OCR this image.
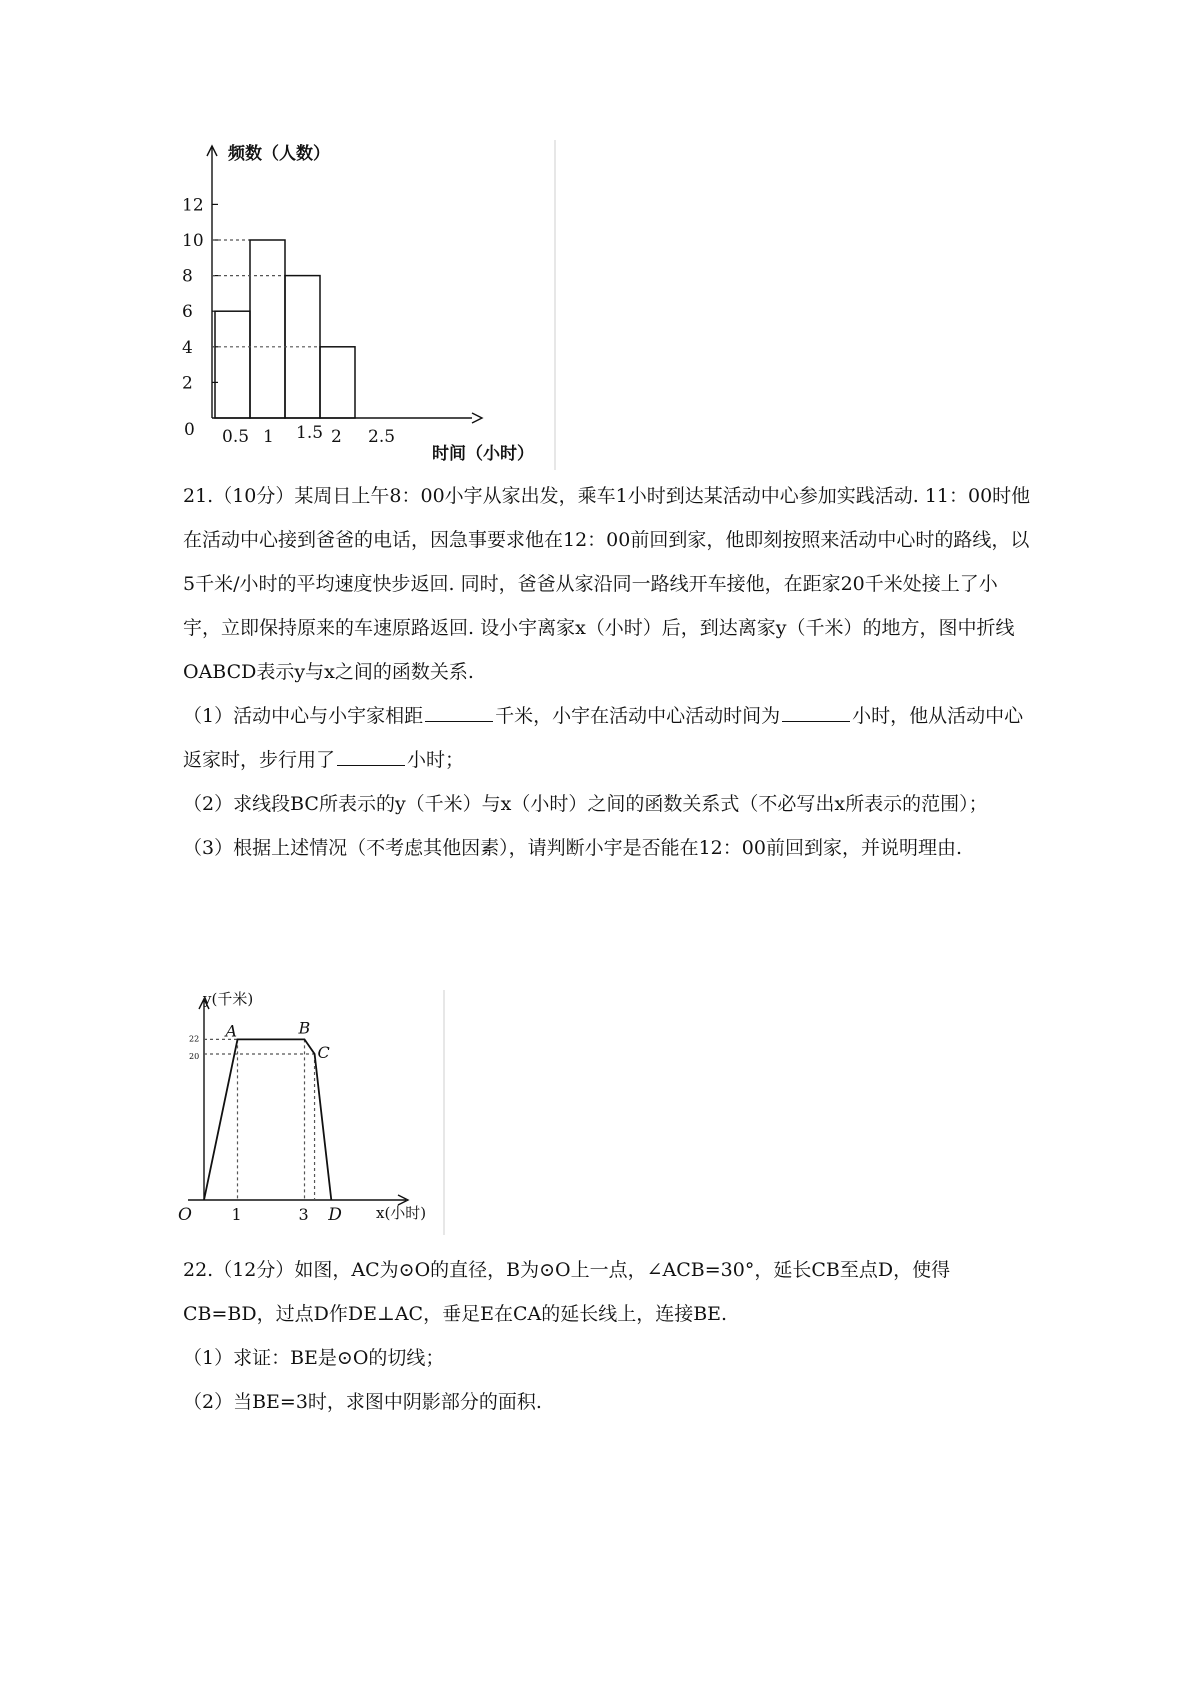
0
2
4
6
8
10
12
0.5 1 1.5 2 2.5
频数（人数）
时间（小时）

21.（10分）某周日上午8：00小宇从家出发，乘车1小时到达某活动中心参加实践活动. 11：00时他在活动中心接到爸爸的电话，因急事要求他在12：00前回到家，他即刻按照来活动中心时的路线，以5千米/小时的平均速度快步返回. 同时，爸爸从家沿同一路线开车接他，在距家20千米处接上了小宇，立即保持原来的车速原路返回. 设小宇离家x（小时）后，到达离家y（千米）的地方，图中折线OABCD表示y与x之间的函数关系.

（1）活动中心与小宇家相距	千米，小宇在活动中心活动时间为	小时，他从活动中心返家时，步行用了	小时；

（2）求线段BC所表示的y（千米）与x（小时）之间的函数关系式（不必写出x所表示的范围）；

（3）根据上述情况（不考虑其他因素），请判断小宇是否能在12：00前回到家，并说明理由.

22
20
1	3
O
A	B
C
D
y(千米)
x(小时)

22.（12分）如图，AC为⊙O的直径，B为⊙O上一点，∠ACB=30°，延长CB至点D，使得CB=BD，过点D作DE⊥AC，垂足E在CA的延长线上，连接BE.

（1）求证：BE是⊙O的切线；

（2）当BE=3时，求图中阴影部分的面积.
